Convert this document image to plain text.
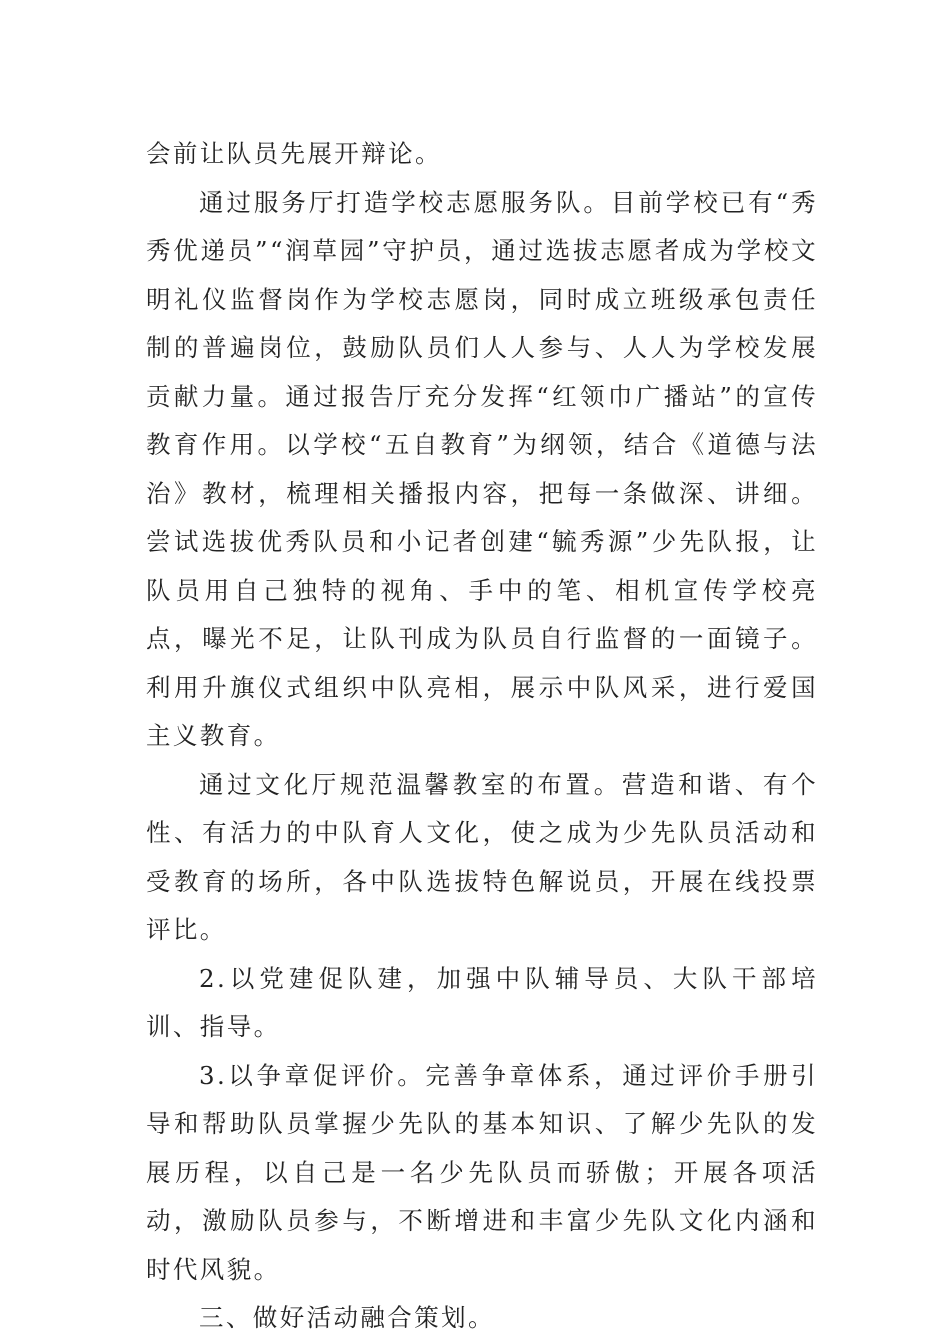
会前让队员先展开辩论。

通过服务厅打造学校志愿服务队。目前学校已有“秀秀优递员”“润草园”守护员，通过选拔志愿者成为学校文明礼仪监督岗作为学校志愿岗，同时成立班级承包责任制的普遍岗位，鼓励队员们人人参与、人人为学校发展贡献力量。通过报告厅充分发挥“红领巾广播站”的宣传教育作用。以学校“五自教育”为纲领，结合《道德与法治》教材，梳理相关播报内容，把每一条做深、讲细。尝试选拔优秀队员和小记者创建“毓秀源”少先队报，让队员用自己独特的视角、手中的笔、相机宣传学校亮点，曝光不足，让队刊成为队员自行监督的一面镜子。利用升旗仪式组织中队亮相，展示中队风采，进行爱国主义教育。

通过文化厅规范温馨教室的布置。营造和谐、有个性、有活力的中队育人文化，使之成为少先队员活动和受教育的场所，各中队选拔特色解说员，开展在线投票评比。

2.以党建促队建，加强中队辅导员、大队干部培训、指导。

3.以争章促评价。完善争章体系，通过评价手册引导和帮助队员掌握少先队的基本知识、了解少先队的发展历程，以自己是一名少先队员而骄傲；开展各项活动，激励队员参与，不断增进和丰富少先队文化内涵和时代风貌。

三、做好活动融合策划。
